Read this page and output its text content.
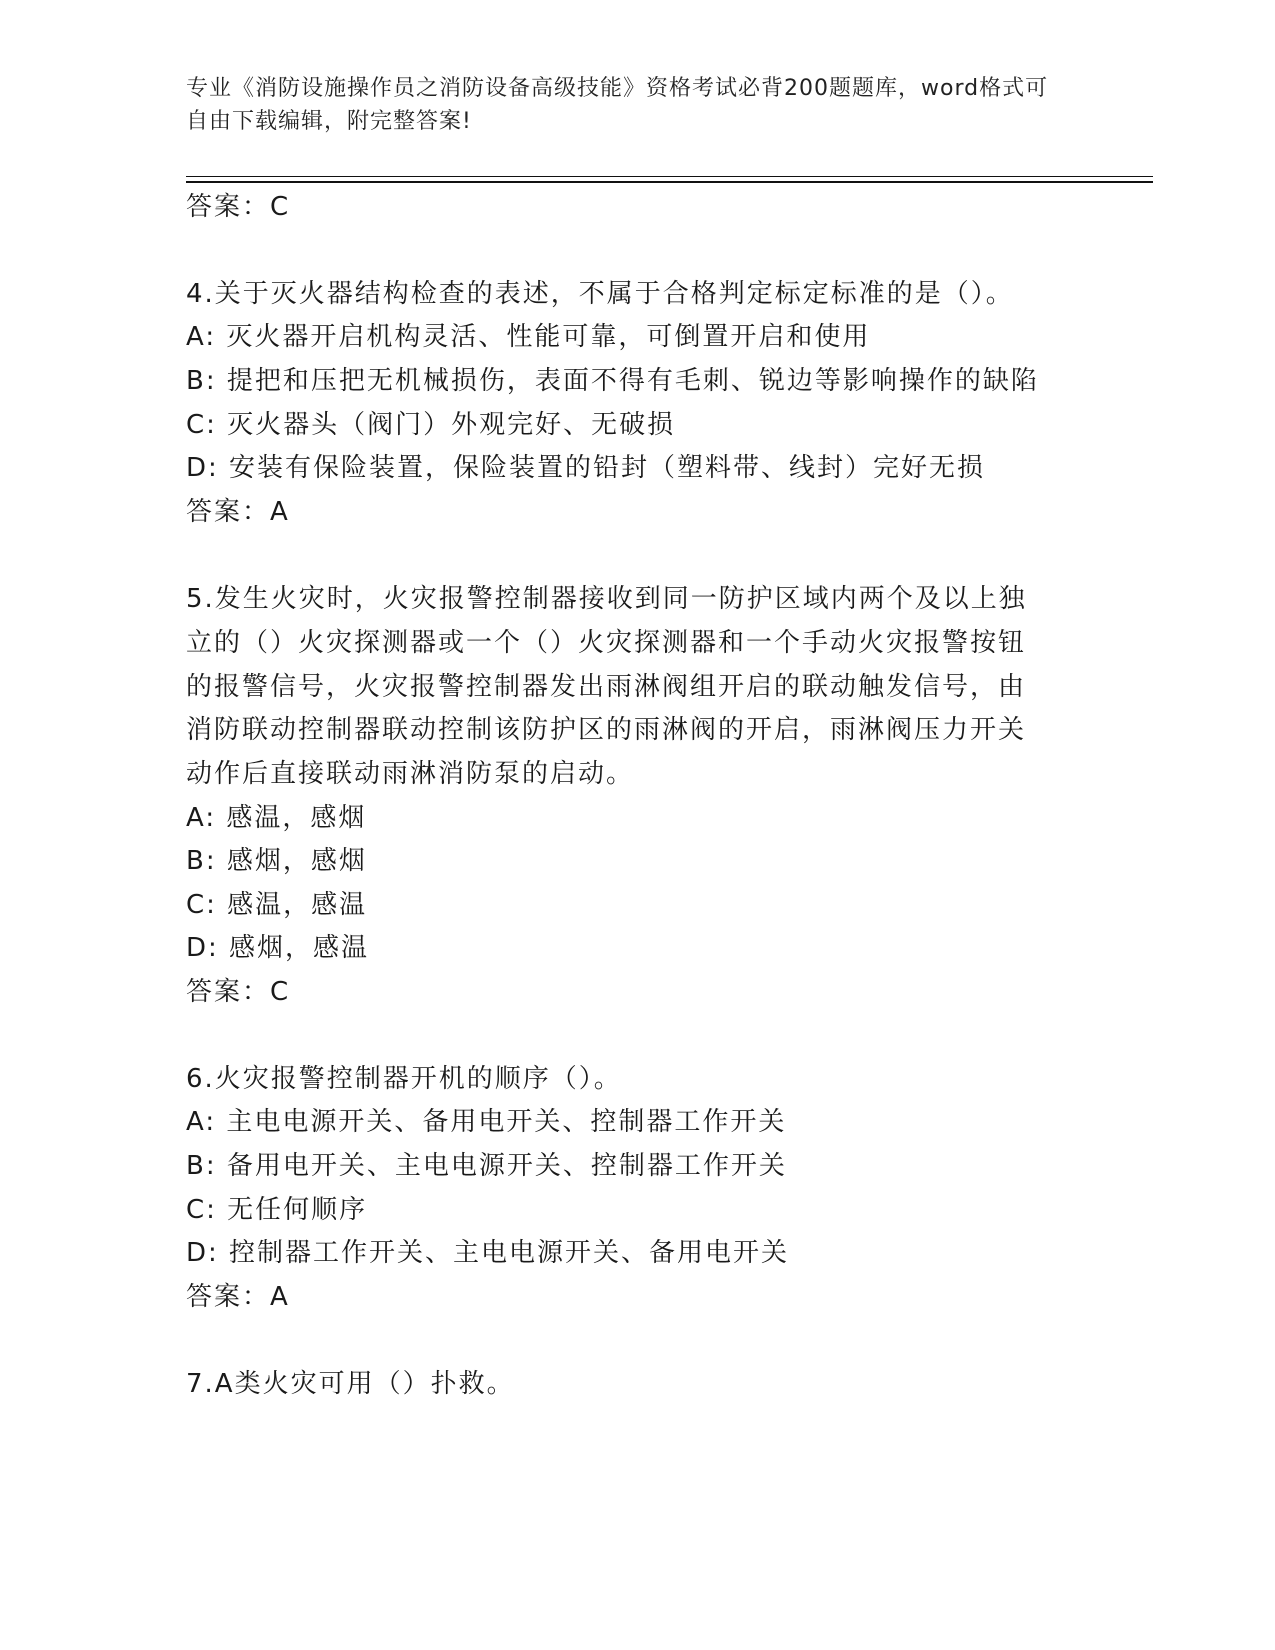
专业《消防设施操作员之消防设备高级技能》资格考试必背200题题库，word格式可自由下载编辑，附完整答案!
答案：C
4.关于灭火器结构检查的表述，不属于合格判定标定标准的是（）。
A: 灭火器开启机构灵活、性能可靠，可倒置开启和使用
B: 提把和压把无机械损伤，表面不得有毛刺、锐边等影响操作的缺陷
C: 灭火器头（阀门）外观完好、无破损
D: 安装有保险装置，保险装置的铅封（塑料带、线封）完好无损
答案：A
5.发生火灾时，火灾报警控制器接收到同一防护区域内两个及以上独
立的（）火灾探测器或一个（）火灾探测器和一个手动火灾报警按钮
的报警信号，火灾报警控制器发出雨淋阀组开启的联动触发信号，由
消防联动控制器联动控制该防护区的雨淋阀的开启，雨淋阀压力开关
动作后直接联动雨淋消防泵的启动。
A: 感温，感烟
B: 感烟，感烟
C: 感温，感温
D: 感烟，感温
答案：C
6.火灾报警控制器开机的顺序（）。
A: 主电电源开关、备用电开关、控制器工作开关
B: 备用电开关、主电电源开关、控制器工作开关
C: 无任何顺序
D: 控制器工作开关、主电电源开关、备用电开关
答案：A
7.A类火灾可用（）扑救。
